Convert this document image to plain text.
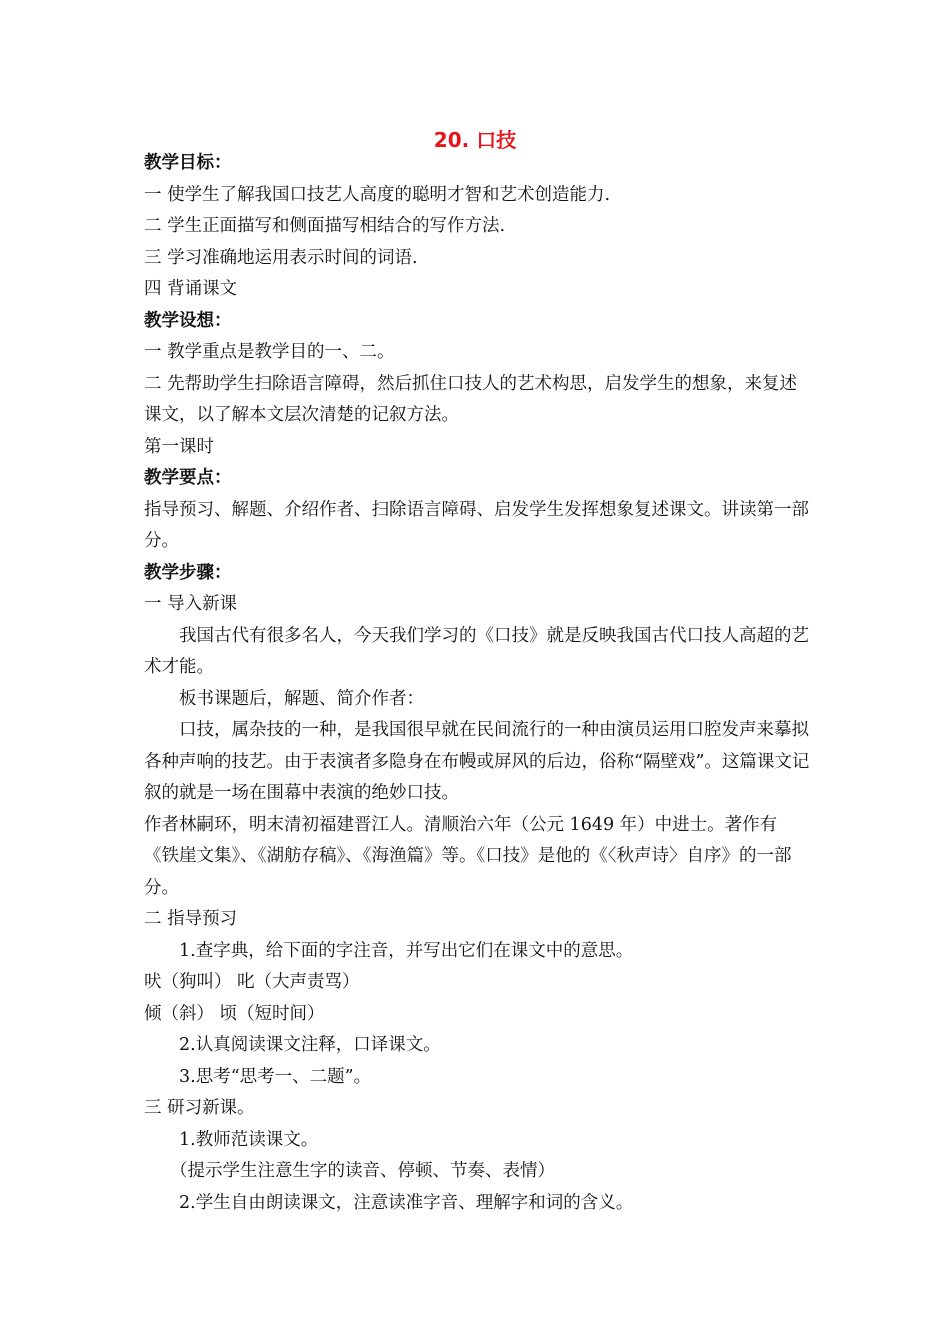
20. 口技

教学目标：

一 使学生了解我国口技艺人高度的聪明才智和艺术创造能力.

二 学生正面描写和侧面描写相结合的写作方法.

三 学习准确地运用表示时间的词语.

四 背诵课文

教学设想：

一 教学重点是教学目的一、二。

二 先帮助学生扫除语言障碍，然后抓住口技人的艺术构思，启发学生的想象，来复述课文，以了解本文层次清楚的记叙方法。

第一课时

教学要点：

指导预习、解题、介绍作者、扫除语言障碍、启发学生发挥想象复述课文。讲读第一部分。

教学步骤：

一 导入新课

我国古代有很多名人，今天我们学习的《口技》就是反映我国古代口技人高超的艺术才能。

板书课题后，解题、简介作者：

口技，属杂技的一种，是我国很早就在民间流行的一种由演员运用口腔发声来摹拟各种声响的技艺。由于表演者多隐身在布幔或屏风的后边，俗称“隔壁戏”。这篇课文记叙的就是一场在围幕中表演的绝妙口技。

作者林嗣环，明末清初福建晋江人。清顺治六年（公元 1649 年）中进士。著作有《铁崖文集》、《湖舫存稿》、《海渔篇》等。《口技》是他的《〈秋声诗〉自序》的一部分。

二 指导预习

1.查字典，给下面的字注音，并写出它们在课文中的意思。

吠（狗叫） 叱（大声责骂）

倾（斜） 顷（短时间）

2.认真阅读课文注释，口译课文。

3.思考“思考一、二题”。

三 研习新课。

1.教师范读课文。

（提示学生注意生字的读音、停顿、节奏、表情）

2.学生自由朗读课文，注意读准字音、理解字和词的含义。
